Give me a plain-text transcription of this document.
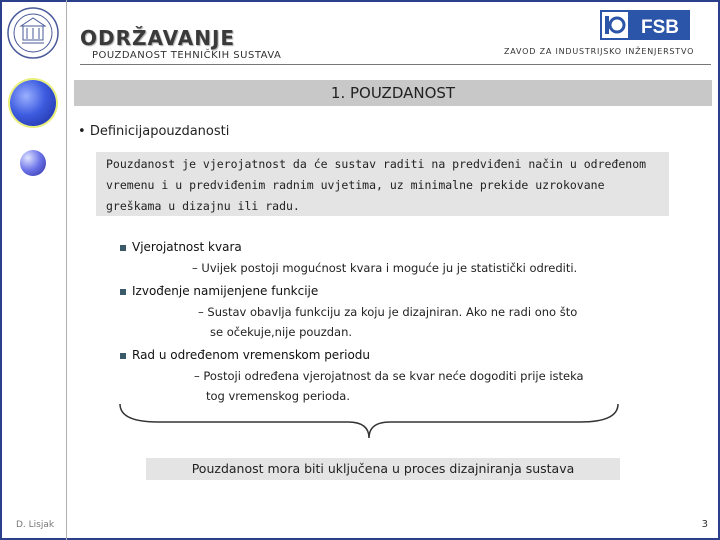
ODRŽAVANJE
POUZDANOST TEHNIČKIH SUSTAVA
FSB
ZAVOD ZA INDUSTRIJSKO INŽENJERSTVO
1. POUZDANOST
• Definicijapouzdanosti

Pouzdanost je vjerojatnost da će sustav raditi na predviđeni način u određenom vremenu i u predviđenim radnim uvjetima, uz minimalne prekide uzrokovane greškama u dizajnu ili radu.

Vjerojatnost kvara
– Uvijek postoji mogućnost kvara i moguće ju je statistički odrediti.
Izvođenje namijenjene funkcije
– Sustav obavlja funkciju za koju je dizajniran. Ako ne radi ono što
se očekuje,nije pouzdan.
Rad u određenom vremenskom periodu
– Postoji određena vjerojatnost da se kvar neće dogoditi prije isteka
tog vremenskog perioda.
Pouzdanost mora biti uključena u proces dizajniranja sustava
D. Lisjak	3
